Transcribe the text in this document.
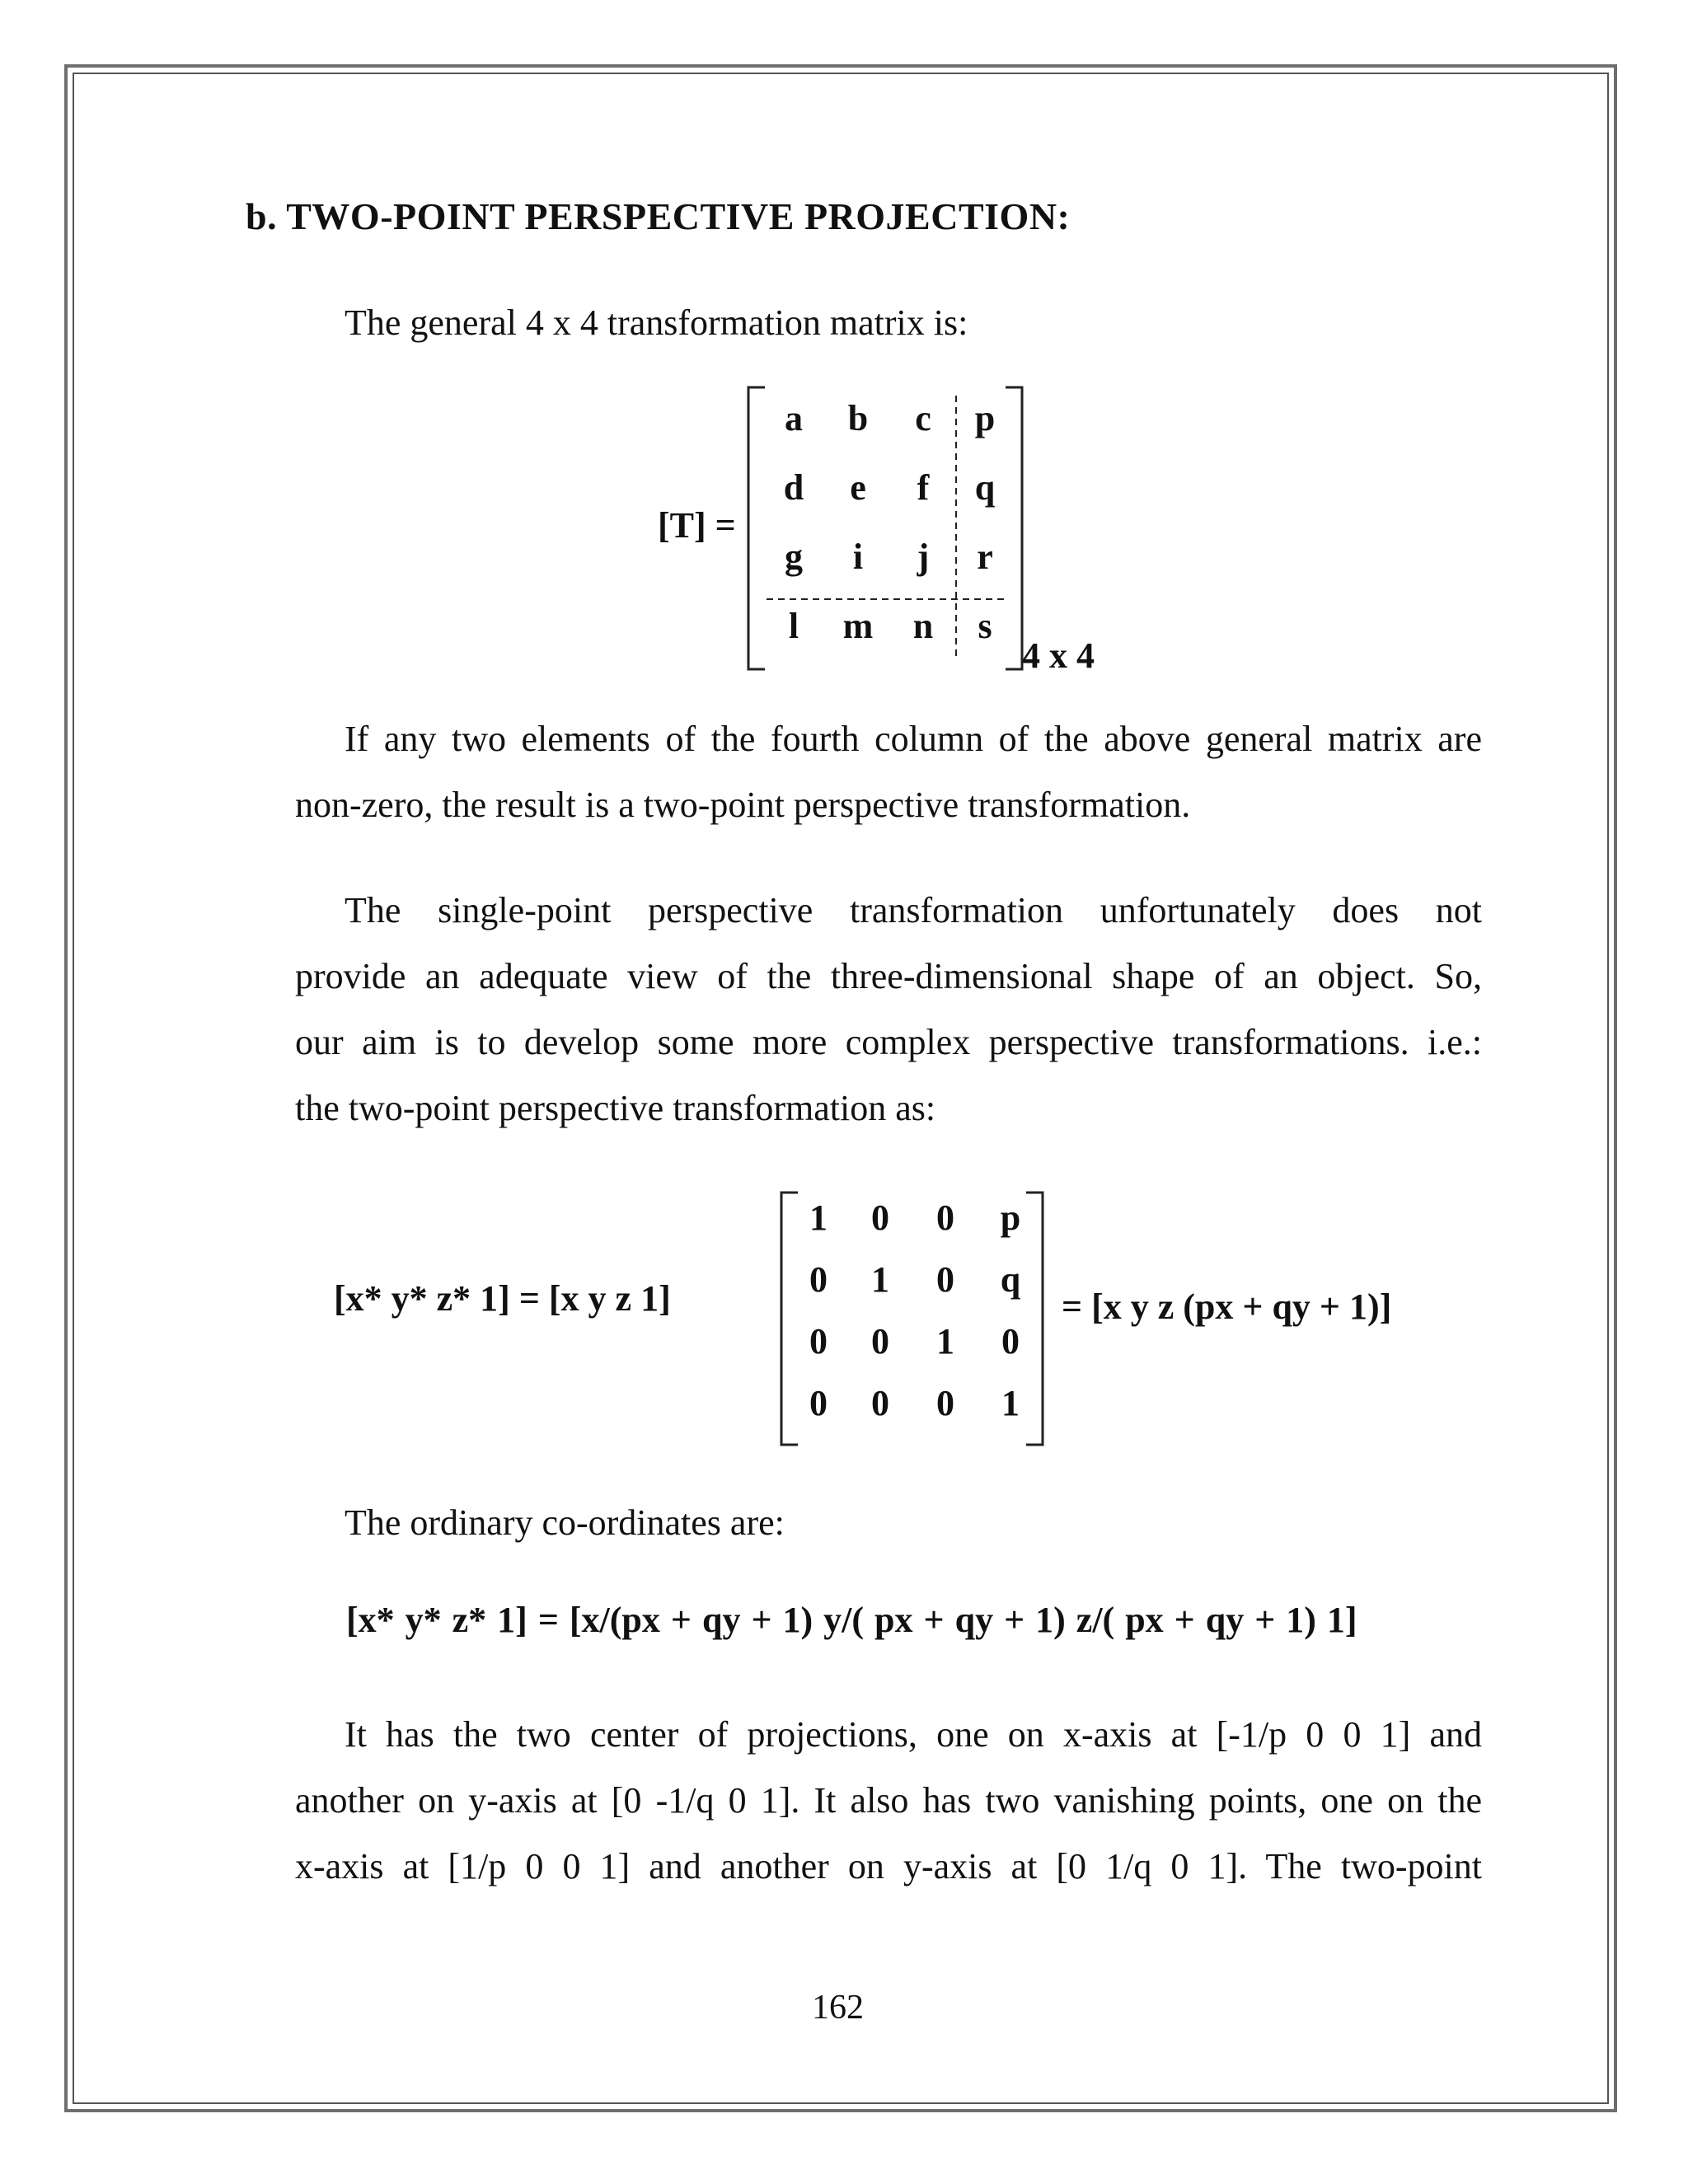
b. TWO-POINT PERSPECTIVE PROJECTION:
The general 4 x 4 transformation matrix is:
[T] =
a b c p
d e f q
g	i	j r
l	m n s
4 x 4
If any two elements of the fourth column of the above general matrix are
non-zero, the result is a two-point perspective transformation.
The single-point perspective transformation unfortunately does not
provide an adequate view of the three-dimensional shape of an object. So,
our aim is to develop some more complex perspective transformations. i.e.:
the two-point perspective transformation as:
[x* y* z* 1] = [x y z 1]
1 0 0 p
0 1 0 q
0 0 1 0
0 0 0 1
= [x y z (px + qy + 1)]
The ordinary co-ordinates are:
[x* y* z* 1] = [x/(px + qy + 1) y/( px + qy + 1) z/( px + qy + 1) 1]
It has the two center of projections, one on x-axis at [-1/p 0 0 1] and
another on y-axis at [0 -1/q 0 1]. It also has two vanishing points, one on the
x-axis at [1/p 0 0 1] and another on y-axis at [0 1/q 0 1]. The two-point
162
